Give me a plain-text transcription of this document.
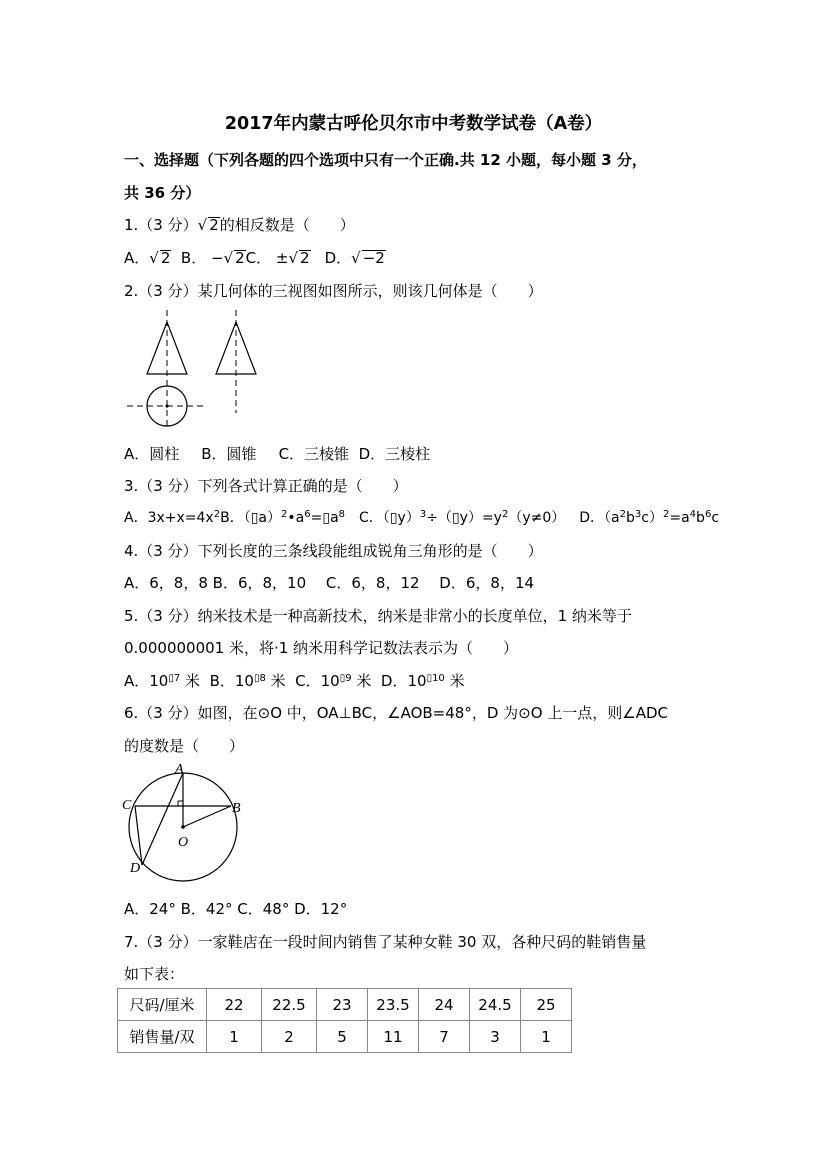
2017年内蒙古呼伦贝尔市中考数学试卷（A卷）
一、选择题（下列各题的四个选项中只有一个正确.共 12 小题，每小题 3 分，
共 36 分）
1.（3 分）√ 2的相反数是（　　）
A．√ 2 B． −√ 2C． ±√ 2 D．√ −2
2.（3 分）某几何体的三视图如图所示，则该几何体是（　　）
A．圆柱 B．圆锥 C．三棱锥 D．三棱柱
3.（3 分）下列各式计算正确的是（　　）
A．$3x+x=4x^2B$．$(▯a)^2•a^6=▯a^8$ C．$(▯y)^3\div(▯y)=y^2(y\ne 0)$ D．$(a^2b^3c)^2=a^4b^6c$
4.（3 分）下列长度的三条线段能组成锐角三角形的是（　　）
A．6，8，8 B．6，8，10　 C．6，8，12　 D．6，8，14
5.（3 分）纳米技术是一种高新技术，纳米是非常小的长度单位，1 纳米等于
0.000000001 米，将·1 纳米用科学记数法表示为（　　）
A．$10^{▯7}$ 米 B．$10^{▯8}$ 米 C．$10^{▯9}$ 米 D．$10^{▯10}$ 米
6.（3 分）如图，在⊙O 中，OA⊥BC，∠AOB=48°，D 为⊙O 上一点，则∠ADC
的度数是（　　）
A
B
C
D
O
A．24° B．42° C．48° D．12°
7.（3 分）一家鞋店在一段时间内销售了某种女鞋 30 双，各种尺码的鞋销售量
如下表：
尺码/厘米	22	22.5	23	23.5	24	24.5	25
销售量/双	1	2	5	11	7	3	1
